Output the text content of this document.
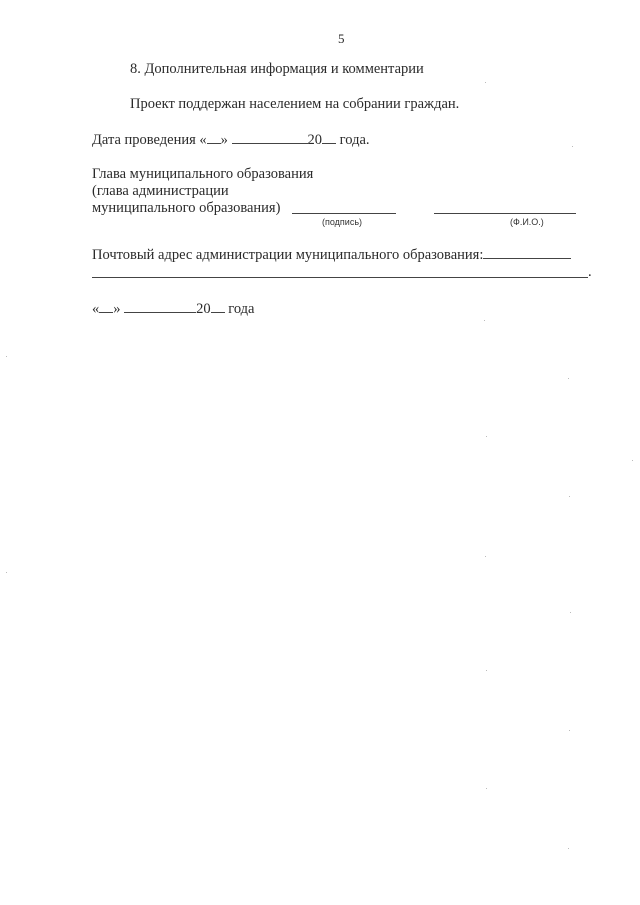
5
8. Дополнительная информация и комментарии
Проект поддержан населением на собрании граждан.
Дата проведения « »	20 года.
Глава муниципального образования
(глава администрации
муниципального образования)
(подпись)	(Ф.И.О.)
Почтовый адрес администрации муниципального образования:
.
« »	20 года
